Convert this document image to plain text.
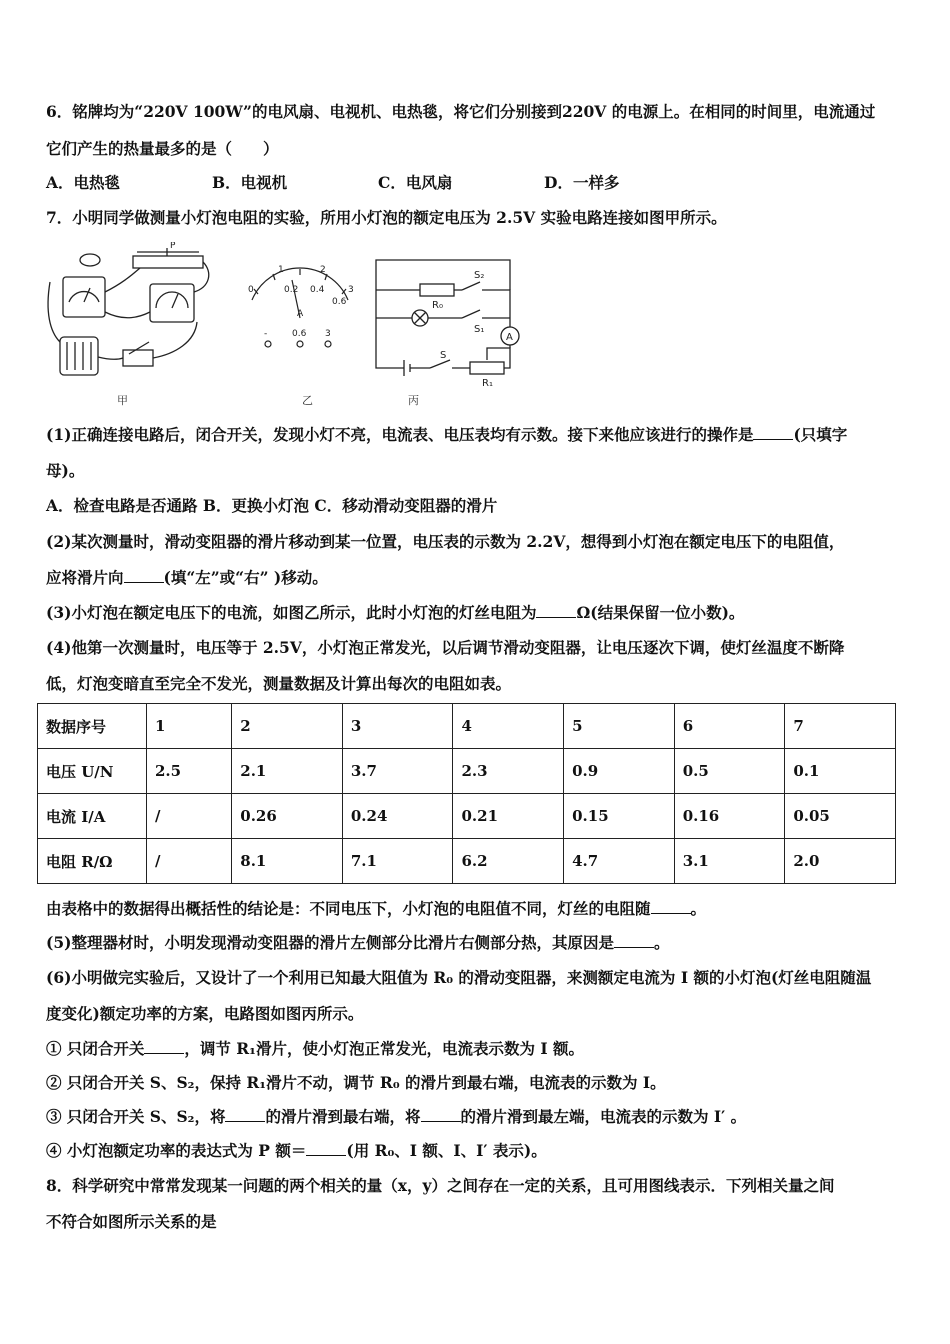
6．铭牌均为“220V 100W”的电风扇、电视机、电热毯，将它们分别接到220V 的电源上。在相同的时间里，电流通过
它们产生的热量最多的是（　　）
A．电热毯	B．电视机	C．电风扇	D．一样多
7．小明同学做测量小灯泡电阻的实验，所用小灯泡的额定电压为 2.5V 实验电路连接如图甲所示。
P
甲
0
1	2
3
0.2 0.4
0.6
A
-	0.6 3
乙
S₂
R₀
S₁
A
S
R₁
丙
(1)正确连接电路后，闭合开关，发现小灯不亮，电流表、电压表均有示数。接下来他应该进行的操作是	(只填字
母)。
A．检查电路是否通路 B．更换小灯泡 C．移动滑动变阻器的滑片
(2)某次测量时，滑动变阻器的滑片移动到某一位置，电压表的示数为 2.2V，想得到小灯泡在额定电压下的电阻值，
应将滑片向	(填“左”或“右” )移动。
(3)小灯泡在额定电压下的电流，如图乙所示，此时小灯泡的灯丝电阻为	Ω(结果保留一位小数)。
(4)他第一次测量时，电压等于 2.5V，小灯泡正常发光，以后调节滑动变阻器，让电压逐次下调，使灯丝温度不断降
低，灯泡变暗直至完全不发光，测量数据及计算出每次的电阻如表。
数据序号	1	2	3	4	5	6	7
电压 U/N	2.5	2.1	3.7	2.3	0.9	0.5	0.1
电流 I/A	/	0.26	0.24	0.21	0.15	0.16	0.05
电阻 R/Ω	/	8.1	7.1	6.2	4.7	3.1	2.0
由表格中的数据得出概括性的结论是：不同电压下，小灯泡的电阻值不同，灯丝的电阻随	。
(5)整理器材时，小明发现滑动变阻器的滑片左侧部分比滑片右侧部分热，其原因是	。
(6)小明做完实验后，又设计了一个利用已知最大阻值为 R₀ 的滑动变阻器，来测额定电流为 I 额的小灯泡(灯丝电阻随温
度变化)额定功率的方案，电路图如图丙所示。
① 只闭合开关	，调节 R₁滑片，使小灯泡正常发光，电流表示数为 I 额。
② 只闭合开关 S、S₂，保持 R₁滑片不动，调节 R₀ 的滑片到最右端，电流表的示数为 I。
③ 只闭合开关 S、S₂，将	的滑片滑到最右端，将	的滑片滑到最左端，电流表的示数为 I′ 。
④ 小灯泡额定功率的表达式为 P 额＝	(用 R₀、I 额、I、I′ 表示)。
8．科学研究中常常发现某一问题的两个相关的量（x，y）之间存在一定的关系，且可用图线表示．下列相关量之间
不符合如图所示关系的是
